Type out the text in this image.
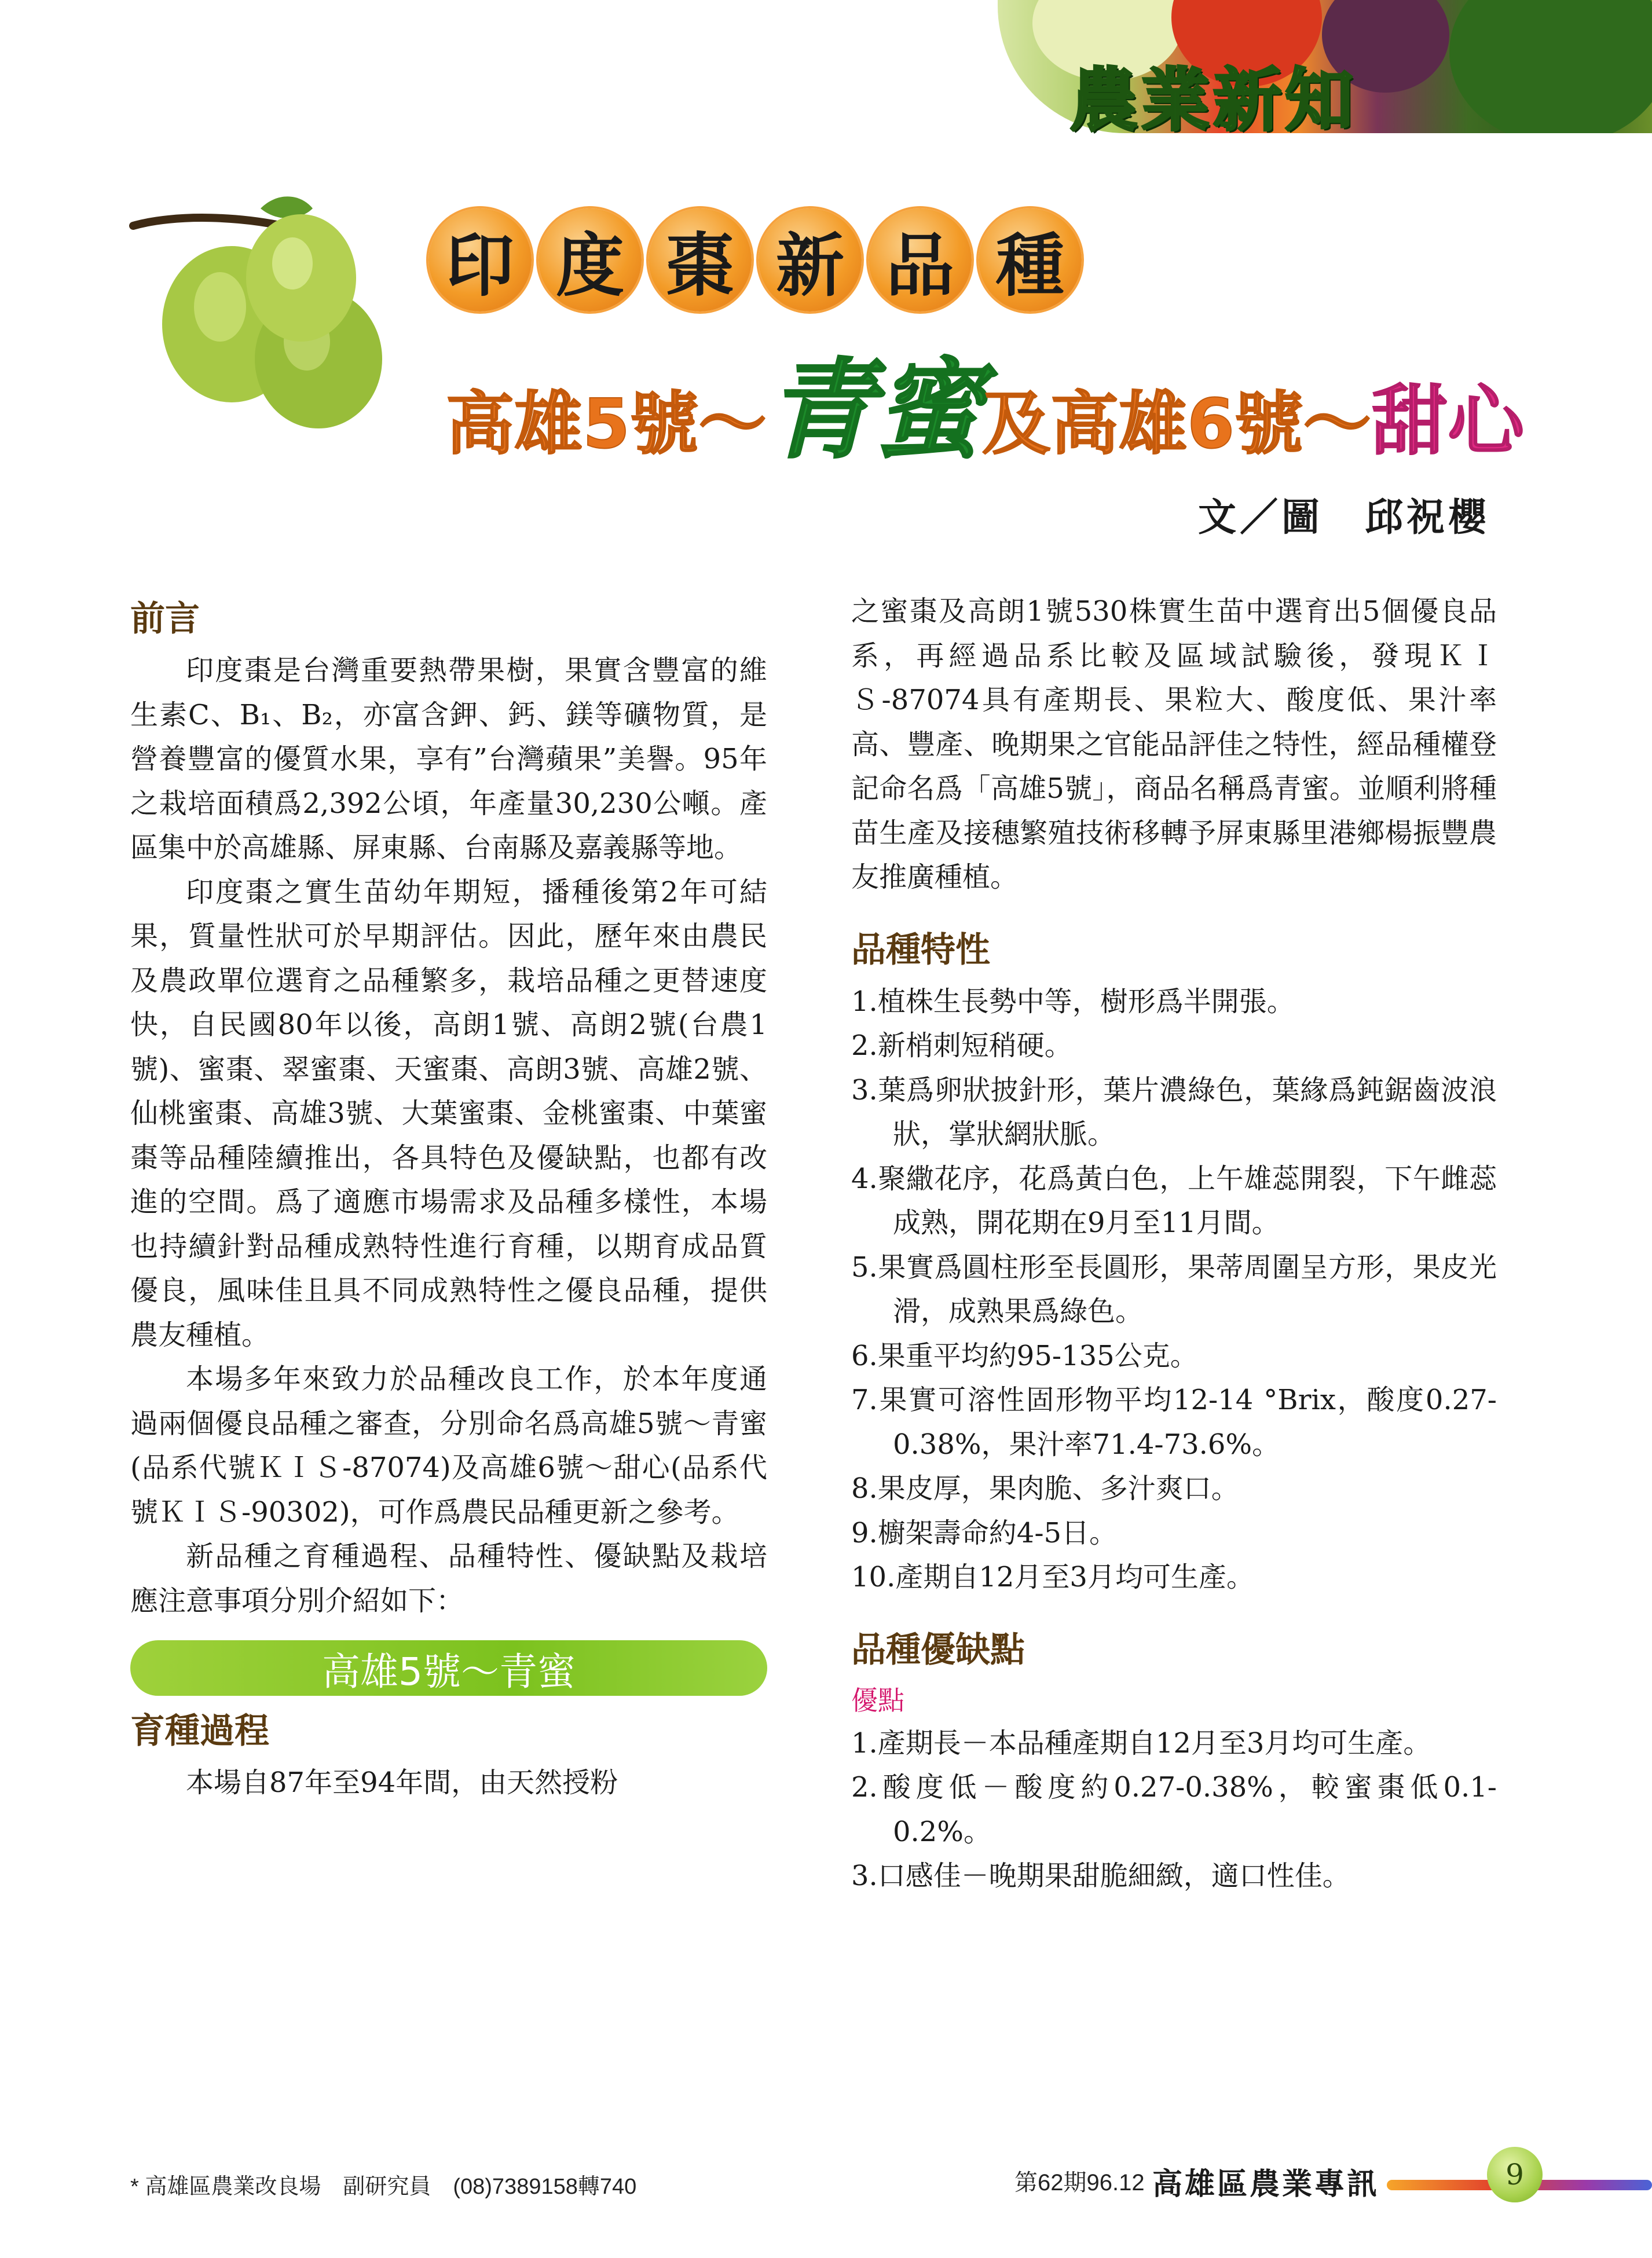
農業新知
印 度 棗 新 品 種
高雄5號～青蜜及高雄6號～甜心
文／圖　邱祝櫻
前言

印度棗是台灣重要熱帶果樹，果實含豐富的維生素C、B₁、B₂，亦富含鉀、鈣、鎂等礦物質，是營養豐富的優質水果，享有”台灣蘋果”美譽。95年之栽培面積爲2,392公頃，年產量30,230公噸。產區集中於高雄縣、屏東縣、台南縣及嘉義縣等地。

印度棗之實生苗幼年期短，播種後第2年可結果，質量性狀可於早期評估。因此，歷年來由農民及農政單位選育之品種繁多，栽培品種之更替速度快，自民國80年以後，高朗1號、高朗2號(台農1號)、蜜棗、翠蜜棗、天蜜棗、高朗3號、高雄2號、仙桃蜜棗、高雄3號、大葉蜜棗、金桃蜜棗、中葉蜜棗等品種陸續推出，各具特色及優缺點，也都有改進的空間。爲了適應市場需求及品種多樣性，本場也持續針對品種成熟特性進行育種，以期育成品質優良，風味佳且具不同成熟特性之優良品種，提供農友種植。

本場多年來致力於品種改良工作，於本年度通過兩個優良品種之審查，分別命名爲高雄5號～青蜜(品系代號ＫＩＳ-87074)及高雄6號～甜心(品系代號ＫＩＳ-90302)，可作爲農民品種更新之參考。

新品種之育種過程、品種特性、優缺點及栽培應注意事項分別介紹如下：

高雄5號～青蜜
育種過程

本場自87年至94年間，由天然授粉

之蜜棗及高朗1號530株實生苗中選育出5個優良品系，再經過品系比較及區域試驗後，發現ＫＩＳ-87074具有產期長、果粒大、酸度低、果汁率高、豐產、晚期果之官能品評佳之特性，經品種權登記命名爲「高雄5號」，商品名稱爲青蜜。並順利將種苗生產及接穗繁殖技術移轉予屏東縣里港鄉楊振豐農友推廣種植。

品種特性
1.植株生長勢中等，樹形爲半開張。
2.新梢刺短稍硬。
3.葉爲卵狀披針形，葉片濃綠色，葉緣爲鈍鋸齒波浪狀，掌狀網狀脈。
4.聚繖花序，花爲黃白色，上午雄蕊開裂，下午雌蕊成熟，開花期在9月至11月間。
5.果實爲圓柱形至長圓形，果蒂周圍呈方形，果皮光滑，成熟果爲綠色。
6.果重平均約95-135公克。
7.果實可溶性固形物平均12-14 °Brix，酸度0.27-0.38%，果汁率71.4-73.6%。
8.果皮厚，果肉脆、多汁爽口。
9.櫥架壽命約4-5日。
10.產期自12月至3月均可生產。
品種優缺點
優點
1.產期長－本品種產期自12月至3月均可生產。
2.酸度低－酸度約0.27-0.38%，較蜜棗低0.1-0.2%。
3.口感佳－晚期果甜脆細緻，適口性佳。
* 高雄區農業改良場　副研究員　(08)7389158轉740	第62期96.12 高雄區農業專訊	9
